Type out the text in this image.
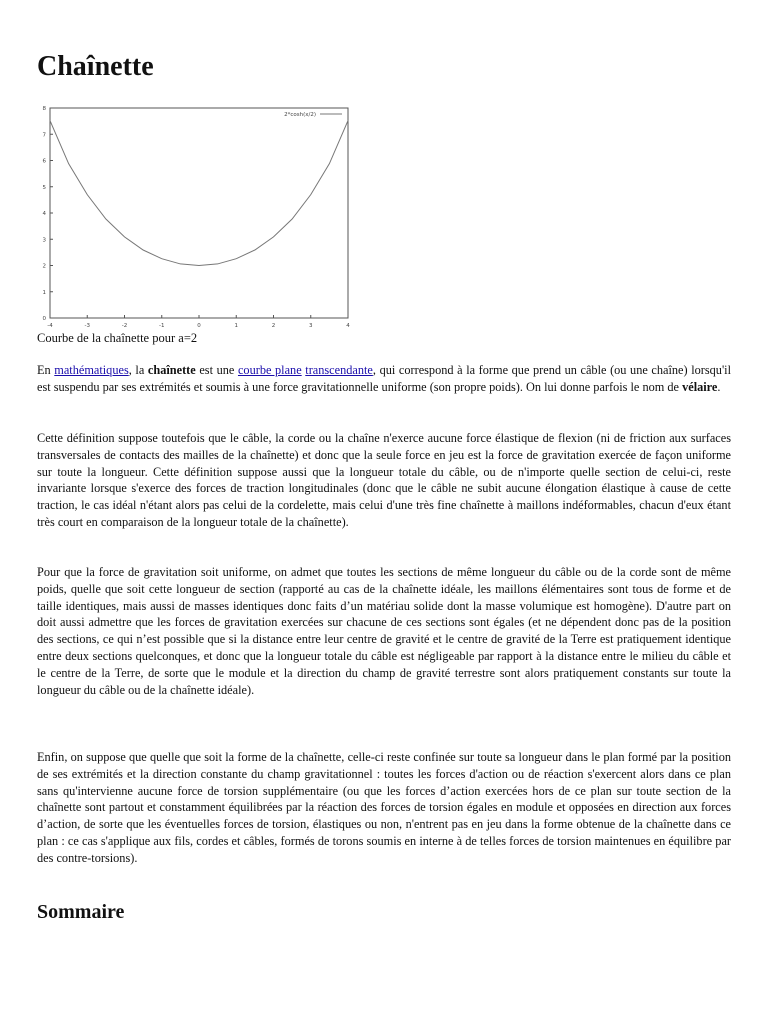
Chaînette
-4	-3	-2	-1	0	1	2	3	4
0
1
2
3
4
5
6
7
8
2*cosh(x/2)
Courbe de la chaînette pour a=2

En mathématiques, la chaînette est une courbe plane transcendante, qui correspond à la forme que prend un câble (ou une chaîne) lorsqu'il est suspendu par ses extrémités et soumis à une force gravitationnelle uniforme (son propre poids). On lui donne parfois le nom de vélaire.

Cette définition suppose toutefois que le câble, la corde ou la chaîne n'exerce aucune force élastique de flexion (ni de friction aux surfaces transversales de contacts des mailles de la chaînette) et donc que la seule force en jeu est la force de gravitation exercée de façon uniforme sur toute la longueur. Cette définition suppose aussi que la longueur totale du câble, ou de n'importe quelle section de celui-ci, reste invariante lorsque s'exerce des forces de traction longitudinales (donc que le câble ne subit aucune élongation élastique à cause de cette traction, le cas idéal n'étant alors pas celui de la cordelette, mais celui d'une très fine chaînette à maillons indéformables, chacun d'eux étant très court en comparaison de la longueur totale de la chaînette).

Pour que la force de gravitation soit uniforme, on admet que toutes les sections de même longueur du câble ou de la corde sont de même poids, quelle que soit cette longueur de section (rapporté au cas de la chaînette idéale, les maillons élémentaires sont tous de forme et de taille identiques, mais aussi de masses identiques donc faits d’un matériau solide dont la masse volumique est homogène). D'autre part on doit aussi admettre que les forces de gravitation exercées sur chacune de ces sections sont égales (et ne dépendent donc pas de la position des sections, ce qui n’est possible que si la distance entre leur centre de gravité et le centre de gravité de la Terre est pratiquement identique entre deux sections quelconques, et donc que la longueur totale du câble est négligeable par rapport à la distance entre le milieu du câble et le centre de la Terre, de sorte que le module et la direction du champ de gravité terrestre sont alors pratiquement constants sur toute la longueur du câble ou de la chaînette idéale).

Enfin, on suppose que quelle que soit la forme de la chaînette, celle-ci reste confinée sur toute sa longueur dans le plan formé par la position de ses extrémités et la direction constante du champ gravitationnel : toutes les forces d'action ou de réaction s'exercent alors dans ce plan sans qu'intervienne aucune force de torsion supplémentaire (ou que les forces d’action exercées hors de ce plan sur toute section de la chaînette sont partout et constamment équilibrées par la réaction des forces de torsion égales en module et opposées en direction aux forces d’action, de sorte que les éventuelles forces de torsion, élastiques ou non, n'entrent pas en jeu dans la forme obtenue de la chaînette dans ce plan : ce cas s'applique aux fils, cordes et câbles, formés de torons soumis en interne à de telles forces de torsion maintenues en équilibre par des contre-torsions).

Sommaire
